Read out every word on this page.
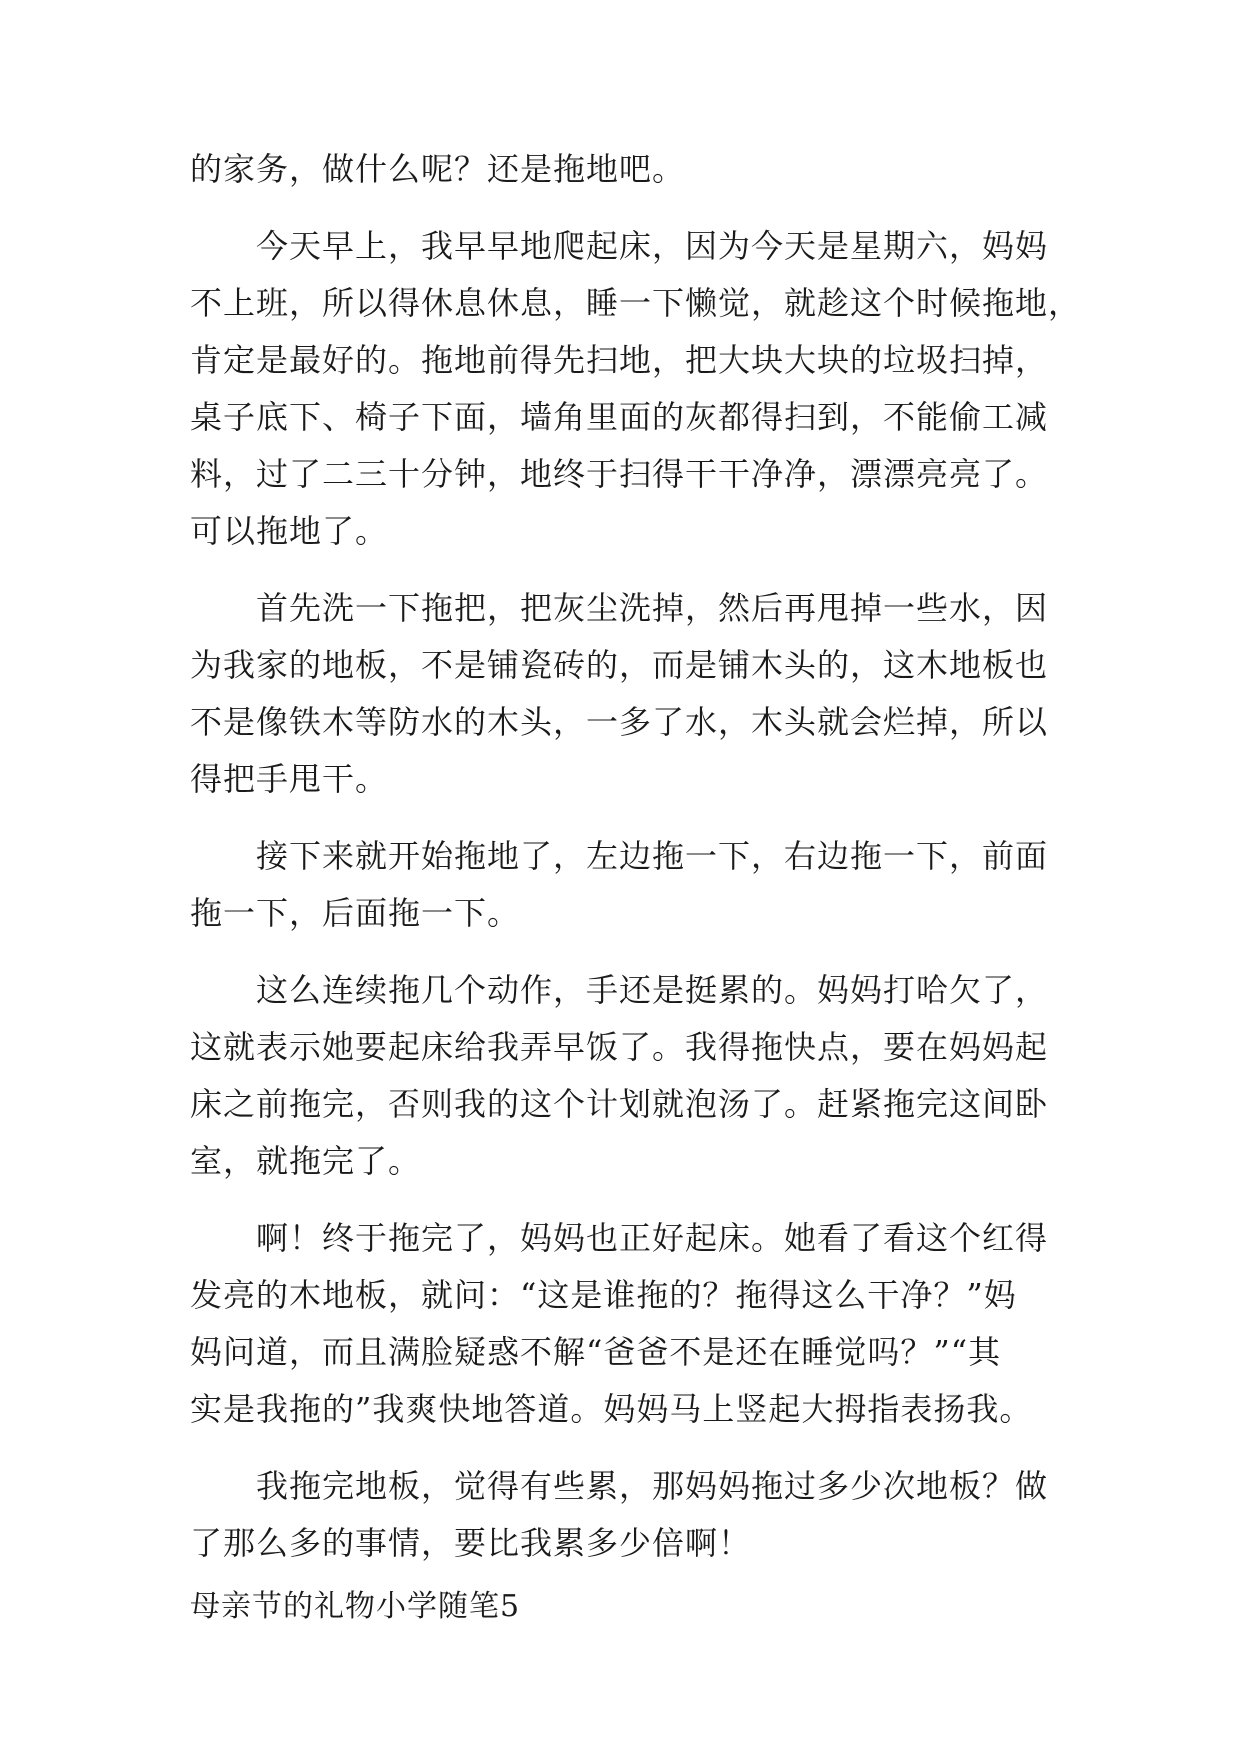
的家务，做什么呢？还是拖地吧。
　　今天早上，我早早地爬起床，因为今天是星期六，妈妈
不上班，所以得休息休息，睡一下懒觉，就趁这个时候拖地，
肯定是最好的。拖地前得先扫地，把大块大块的垃圾扫掉，
桌子底下、椅子下面，墙角里面的灰都得扫到，不能偷工减
料，过了二三十分钟，地终于扫得干干净净，漂漂亮亮了。
可以拖地了。
　　首先洗一下拖把，把灰尘洗掉，然后再甩掉一些水，因
为我家的地板，不是铺瓷砖的，而是铺木头的，这木地板也
不是像铁木等防水的木头，一多了水，木头就会烂掉，所以
得把手甩干。
　　接下来就开始拖地了，左边拖一下，右边拖一下，前面
拖一下，后面拖一下。
　　这么连续拖几个动作，手还是挺累的。妈妈打哈欠了，
这就表示她要起床给我弄早饭了。我得拖快点，要在妈妈起
床之前拖完，否则我的这个计划就泡汤了。赶紧拖完这间卧
室，就拖完了。
　　啊！终于拖完了，妈妈也正好起床。她看了看这个红得
发亮的木地板，就问：“这是谁拖的？拖得这么干净？”妈
妈问道，而且满脸疑惑不解“爸爸不是还在睡觉吗？”“其
实是我拖的”我爽快地答道。妈妈马上竖起大拇指表扬我。
　　我拖完地板，觉得有些累，那妈妈拖过多少次地板？做
了那么多的事情，要比我累多少倍啊！
母亲节的礼物小学随笔5
